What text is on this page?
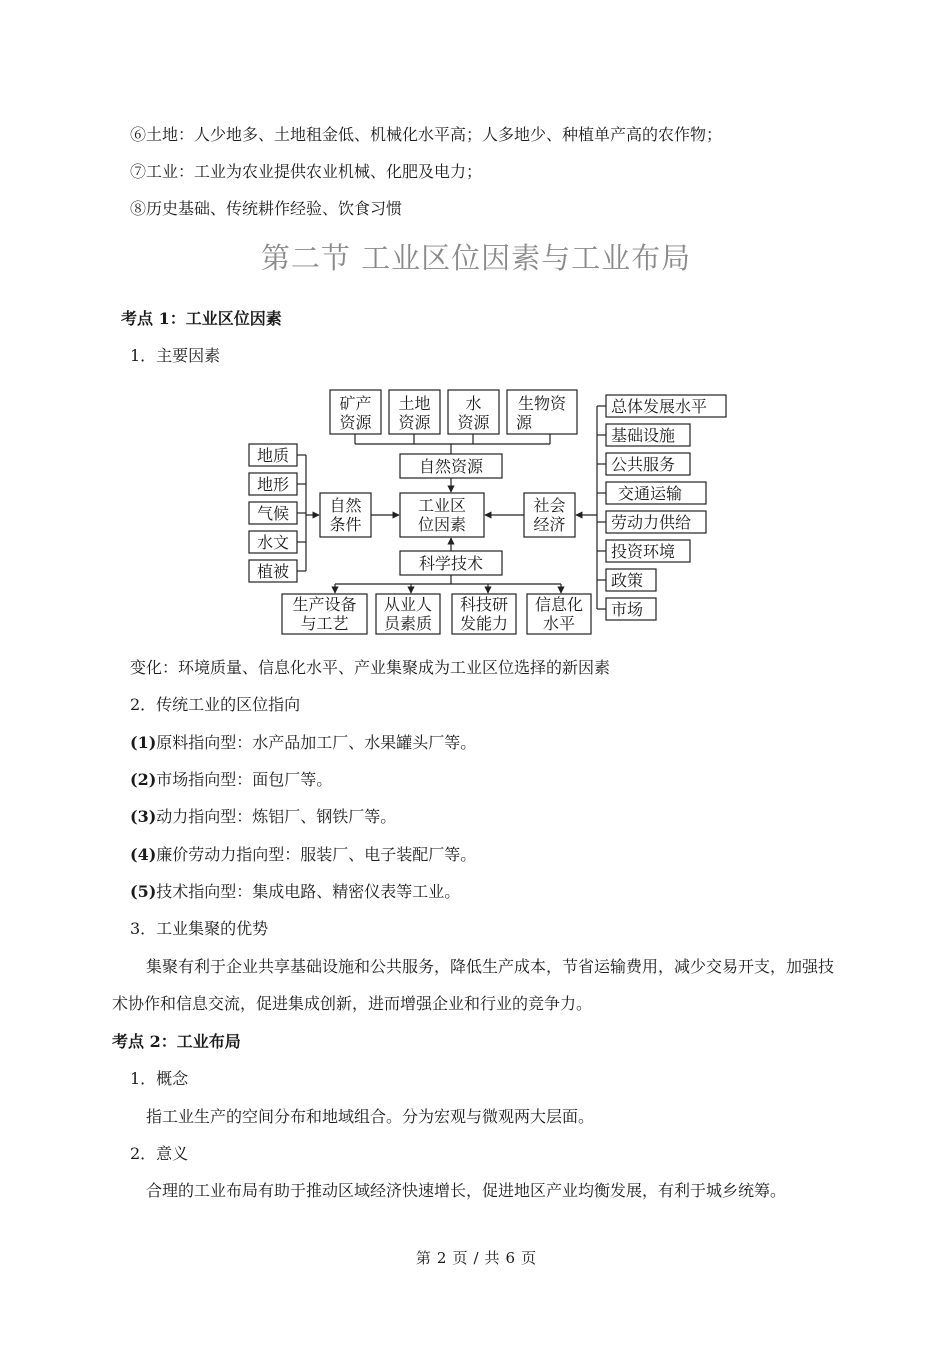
⑥土地：人少地多、土地租金低、机械化水平高；人多地少、种植单产高的农作物；
⑦工业：工业为农业提供农业机械、化肥及电力；
⑧历史基础、传统耕作经验、饮食习惯
第二节 工业区位因素与工业布局
考点 1：工业区位因素
1．主要因素
矿产
资源
土地
资源
水
资源
生物资
源
自然资源
自然
条件
工业区
位因素
社会
经济
科学技术
生产设备
与工艺
从业人
员素质
科技研
发能力
信息化
水平
地质
地形
气候
水文
植被
总体发展水平
基础设施
公共服务
交通运输
劳动力供给
投资环境
政策
市场
变化：环境质量、信息化水平、产业集聚成为工业区位选择的新因素
2．传统工业的区位指向
(1)原料指向型：水产品加工厂、水果罐头厂等。
(2)市场指向型：面包厂等。
(3)动力指向型：炼铝厂、钢铁厂等。
(4)廉价劳动力指向型：服装厂、电子装配厂等。
(5)技术指向型：集成电路、精密仪表等工业。
3．工业集聚的优势
集聚有利于企业共享基础设施和公共服务，降低生产成本，节省运输费用，减少交易开支，加强技
术协作和信息交流，促进集成创新，进而增强企业和行业的竞争力。
考点 2：工业布局
1．概念
指工业生产的空间分布和地域组合。分为宏观与微观两大层面。
2．意义
合理的工业布局有助于推动区域经济快速增长，促进地区产业均衡发展，有利于城乡统筹。
第 2 页 / 共 6 页
